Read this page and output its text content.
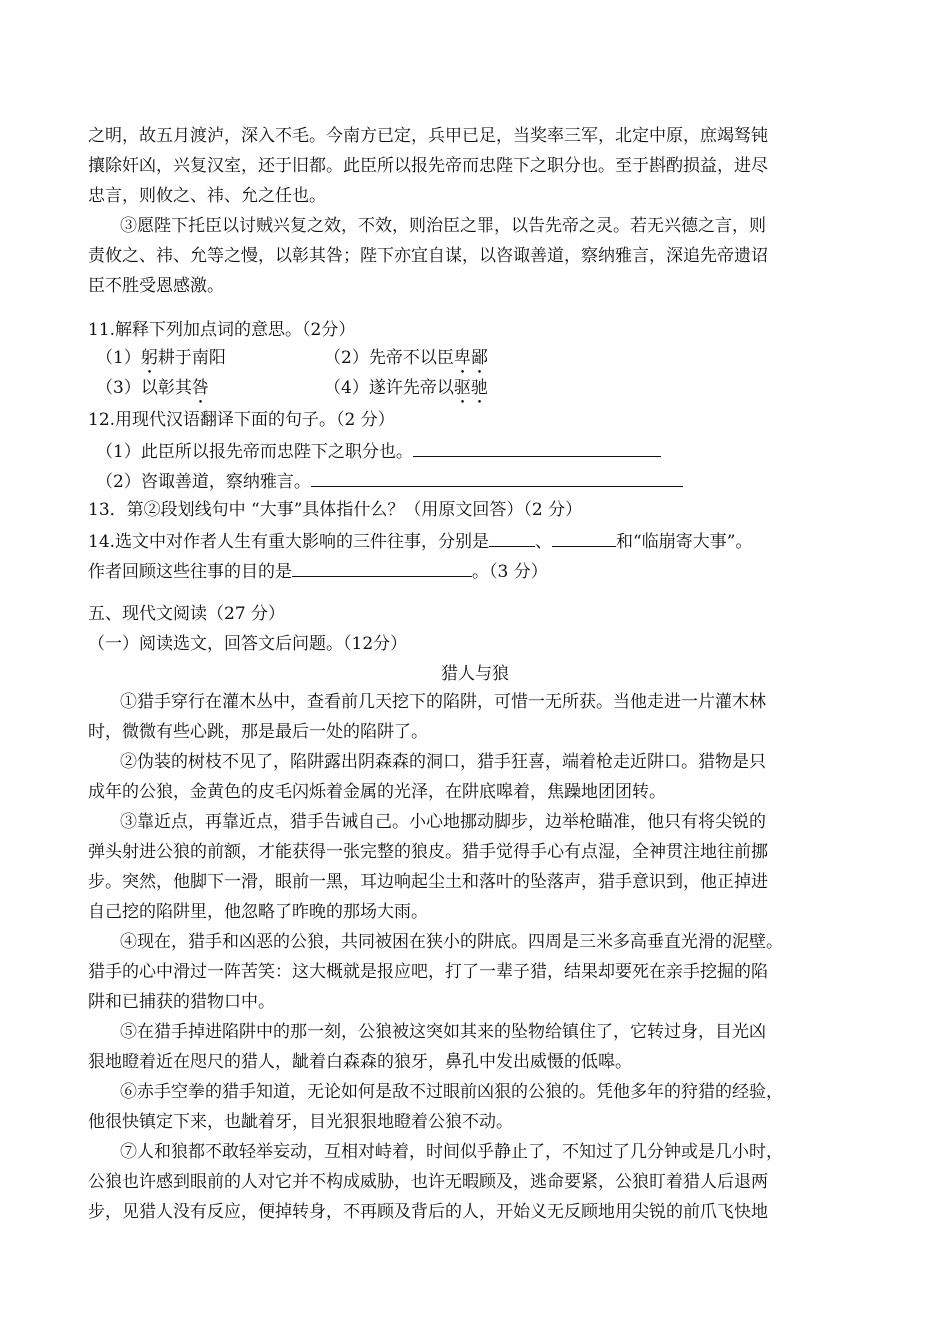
之明，故五月渡泸，深入不毛。今南方已定，兵甲已足，当奖率三军，北定中原，庶竭驽钝
攘除奸凶，兴复汉室，还于旧都。此臣所以报先帝而忠陛下之职分也。至于斟酌损益，进尽
忠言，则攸之、祎、允之任也。
③愿陛下托臣以讨贼兴复之效，不效，则治臣之罪，以告先帝之灵。若无兴德之言，则
责攸之、祎、允等之慢，以彰其咎；陛下亦宜自谋，以咨诹善道，察纳雅言，深追先帝遗诏
臣不胜受恩感激。
11.解释下列加点词的意思。（2分）
（1）躬耕于南阳	（2）先帝不以臣卑鄙
（3）以彰其咎	（4）遂许先帝以驱驰
12.用现代汉语翻译下面的句子。（2 分）
（1）此臣所以报先帝而忠陛下之职分也。
（2）咨诹善道，察纳雅言。
13．第②段划线句中 “大事”具体指什么？（用原文回答）（2 分）
14.选文中对作者人生有重大影响的三件往事，分别是	、	和“临崩寄大事”。
作者回顾这些往事的目的是	。（3 分）
五、现代文阅读（27 分）
（一）阅读选文，回答文后问题。（12分）
猎人与狼
①猎手穿行在灌木丛中，查看前几天挖下的陷阱，可惜一无所获。当他走进一片灌木林
时，微微有些心跳，那是最后一处的陷阱了。
②伪装的树枝不见了，陷阱露出阴森森的洞口，猎手狂喜，端着枪走近阱口。猎物是只
成年的公狼，金黄色的皮毛闪烁着金属的光泽，在阱底嗥着，焦躁地团团转。
③靠近点，再靠近点，猎手告诫自己。小心地挪动脚步，边举枪瞄准，他只有将尖锐的
弹头射进公狼的前额，才能获得一张完整的狼皮。猎手觉得手心有点湿，全神贯注地往前挪
步。突然，他脚下一滑，眼前一黑，耳边响起尘土和落叶的坠落声，猎手意识到，他正掉进
自己挖的陷阱里，他忽略了昨晚的那场大雨。
④现在，猎手和凶恶的公狼，共同被困在狭小的阱底。四周是三米多高垂直光滑的泥壁。
猎手的心中滑过一阵苦笑：这大概就是报应吧，打了一辈子猎，结果却要死在亲手挖掘的陷
阱和已捕获的猎物口中。
⑤在猎手掉进陷阱中的那一刻，公狼被这突如其来的坠物给镇住了，它转过身，目光凶
狠地瞪着近在咫尺的猎人，龇着白森森的狼牙，鼻孔中发出威慑的低嗥。
⑥赤手空拳的猎手知道，无论如何是敌不过眼前凶狠的公狼的。凭他多年的狩猎的经验，
他很快镇定下来，也龇着牙，目光狠狠地瞪着公狼不动。
⑦人和狼都不敢轻举妄动，互相对峙着，时间似乎静止了，不知过了几分钟或是几小时，
公狼也许感到眼前的人对它并不构成威胁，也许无暇顾及，逃命要紧，公狼盯着猎人后退两
步，见猎人没有反应，便掉转身，不再顾及背后的人，开始义无反顾地用尖锐的前爪飞快地
